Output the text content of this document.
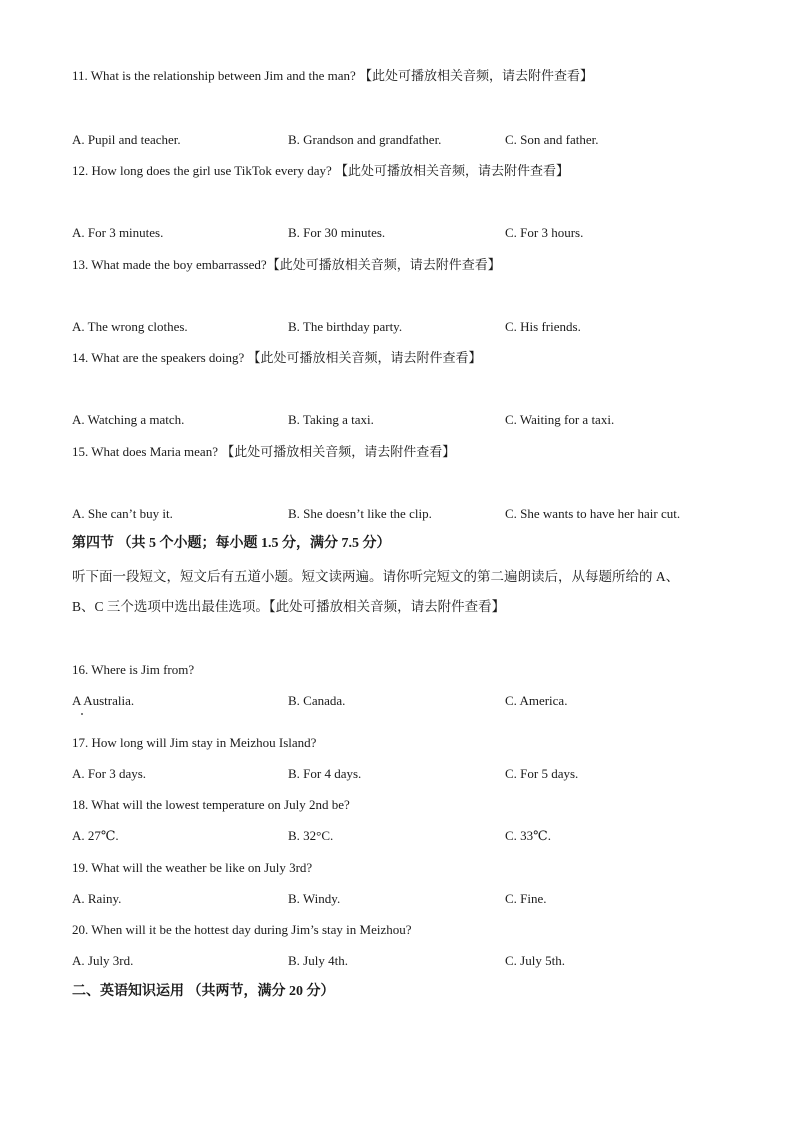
11. What is the relationship between Jim and the man? 【此处可播放相关音频，请去附件查看】
A. Pupil and teacher.	B. Grandson and grandfather.	C. Son and father.
12. How long does the girl use TikTok every day? 【此处可播放相关音频，请去附件查看】
A. For 3 minutes.	B. For 30 minutes.	C. For 3 hours.
13. What made the boy embarrassed?【此处可播放相关音频，请去附件查看】
A. The wrong clothes.	B. The birthday party.	C. His friends.
14. What are the speakers doing? 【此处可播放相关音频，请去附件查看】
A. Watching a match.	B. Taking a taxi.	C. Waiting for a taxi.
15. What does Maria mean? 【此处可播放相关音频，请去附件查看】
A. She can’t buy it.	B. She doesn’t like the clip.	C. She wants to have her hair cut.
第四节 （共 5 个小题；每小题 1.5 分，满分 7.5 分）
听下面一段短文，短文后有五道小题。短文读两遍。请你听完短文的第二遍朗读后，从每题所给的 A、
B、C 三个选项中选出最佳选项。【此处可播放相关音频，请去附件查看】
16. Where is Jim from?
A Australia.	B. Canada.	C. America.
17. How long will Jim stay in Meizhou Island?
A. For 3 days.	B. For 4 days.	C. For 5 days.
18. What will the lowest temperature on July 2nd be?
A. 27℃.	B. 32°C.	C. 33℃.
19. What will the weather be like on July 3rd?
A. Rainy.	B. Windy.	C. Fine.
20. When will it be the hottest day during Jim’s stay in Meizhou?
A. July 3rd.	B. July 4th.	C. July 5th.
二、英语知识运用 （共两节，满分 20 分）
